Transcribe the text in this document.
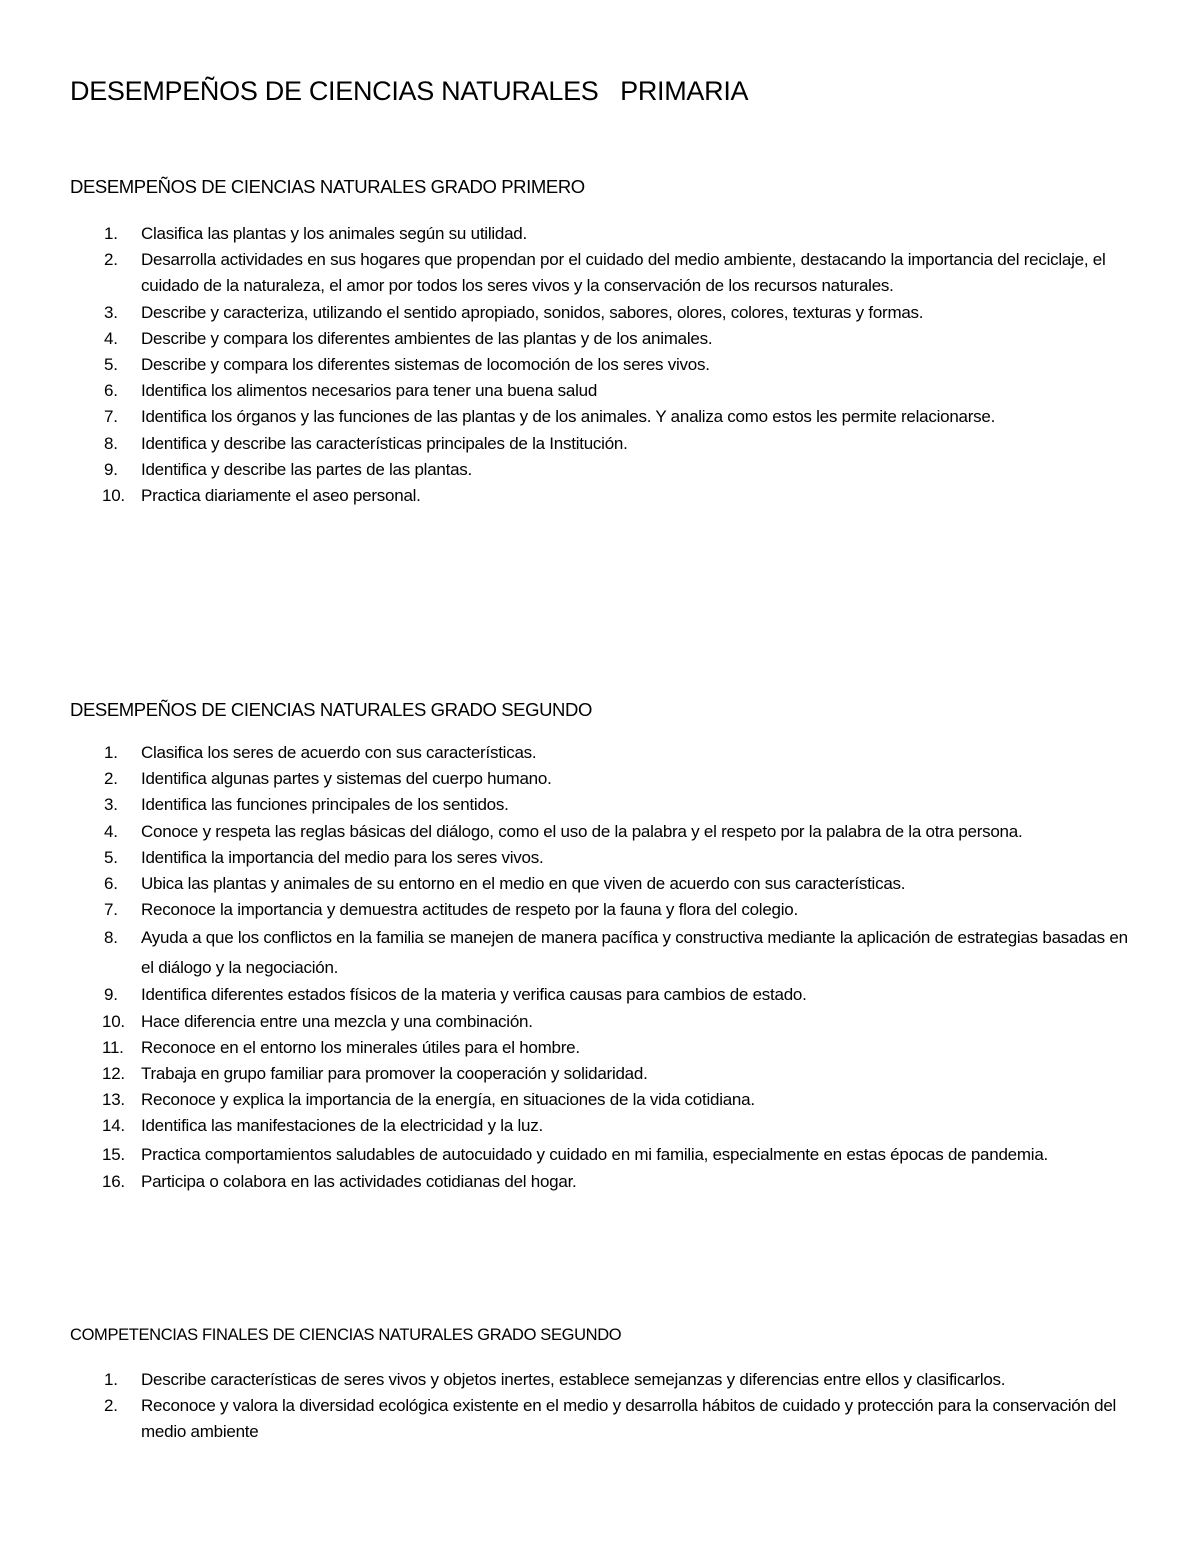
DESEMPEÑOS DE CIENCIAS NATURALES   PRIMARIA
DESEMPEÑOS DE CIENCIAS NATURALES GRADO PRIMERO
1.	Clasifica las plantas y los animales según su utilidad.
2.	Desarrolla actividades en sus hogares que propendan por el cuidado del medio ambiente, destacando la importancia del reciclaje, el cuidado de la naturaleza, el amor por todos los seres vivos y la conservación de los recursos naturales.
3.	Describe y caracteriza, utilizando el sentido apropiado, sonidos, sabores, olores, colores, texturas y formas.
4.	Describe y compara los diferentes ambientes de las plantas y de los animales.
5.	Describe y compara los diferentes sistemas de locomoción de los seres vivos.
6.	Identifica los alimentos necesarios para tener una buena salud
7.	Identifica los órganos y las funciones de las plantas y de los animales. Y analiza como estos les permite relacionarse.
8.	Identifica y describe las características principales de la Institución.
9.	Identifica y describe las partes de las plantas.
10. Practica diariamente el aseo personal.
DESEMPEÑOS DE CIENCIAS NATURALES GRADO SEGUNDO
1.	Clasifica los seres de acuerdo con sus características.
2.	Identifica algunas partes y sistemas del cuerpo humano.
3.	Identifica las funciones principales de los sentidos.
4.	Conoce y respeta las reglas básicas del diálogo, como el uso de la palabra y el respeto por la palabra de la otra persona.
5.	Identifica la importancia del medio para los seres vivos.
6.	Ubica las plantas y animales de su entorno en el medio en que viven de acuerdo con sus características.
7.	Reconoce la importancia y demuestra actitudes de respeto por la fauna y flora del colegio.
8.	Ayuda a que los conflictos en la familia se manejen de manera pacífica y constructiva mediante la aplicación de estrategias basadas en el diálogo y la negociación.
9.	Identifica diferentes estados físicos de la materia y verifica causas para cambios de estado.
10. Hace diferencia entre una mezcla y una combinación.
11.	Reconoce en el entorno los minerales útiles para el hombre.
12. Trabaja en grupo familiar para promover la cooperación y solidaridad.
13. Reconoce y explica la importancia de la energía, en situaciones de la vida cotidiana.
14. Identifica las manifestaciones de la electricidad y la luz.
15. Practica comportamientos saludables de autocuidado y cuidado en mi familia, especialmente en estas épocas de pandemia.
16. Participa o colabora en las actividades cotidianas del hogar.
COMPETENCIAS FINALES DE CIENCIAS NATURALES GRADO SEGUNDO
1.	Describe características de seres vivos y objetos inertes, establece semejanzas y diferencias entre ellos y clasificarlos.
2.	Reconoce y valora la diversidad ecológica existente en el medio y desarrolla hábitos de cuidado y protección para la conservación del medio ambiente
